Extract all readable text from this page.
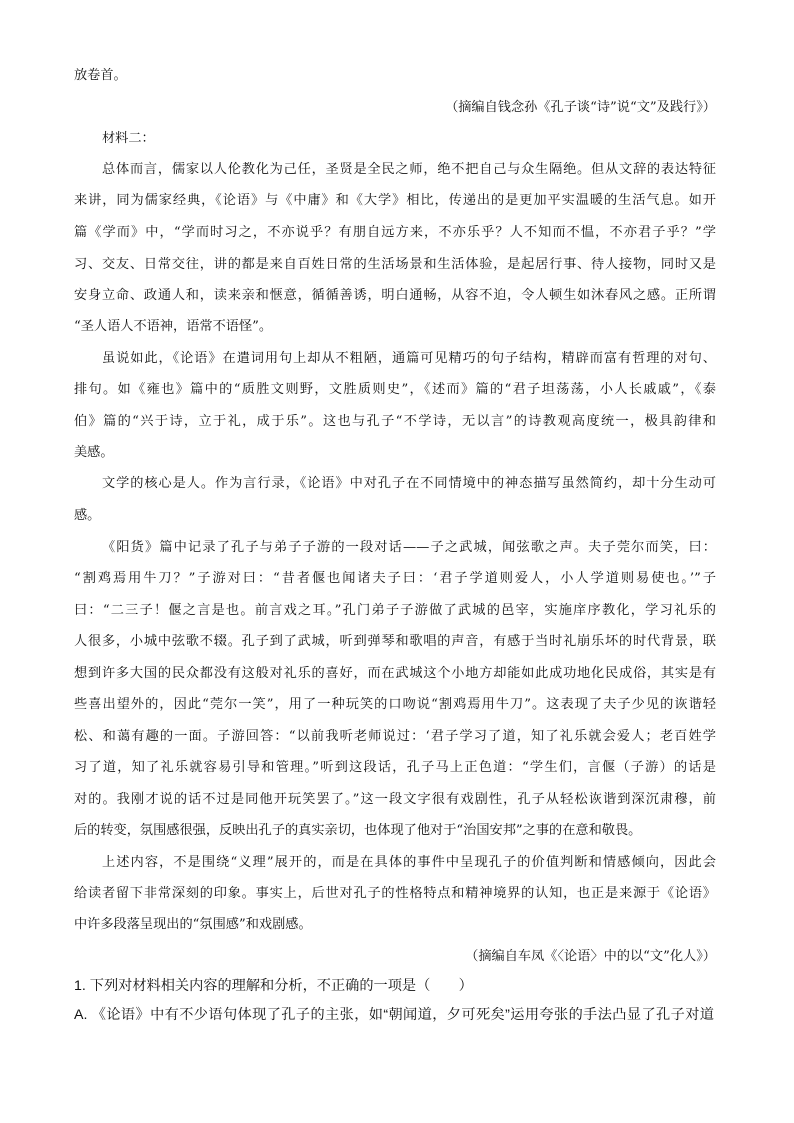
放卷首。
（摘编自钱念孙《孔子谈“诗”说“文”及践行》）
材料二：
总体而言，儒家以人伦教化为己任，圣贤是全民之师，绝不把自己与众生隔绝。但从文辞的表达特征
来讲，同为儒家经典，《论语》与《中庸》和《大学》相比，传递出的是更加平实温暖的生活气息。如开
篇《学而》中，“学而时习之，不亦说乎？有朋自远方来，不亦乐乎？人不知而不愠，不亦君子乎？”学
习、交友、日常交往，讲的都是来自百姓日常的生活场景和生活体验，是起居行事、待人接物，同时又是
安身立命、政通人和，读来亲和惬意，循循善诱，明白通畅，从容不迫，令人顿生如沐春风之感。正所谓
“圣人语人不语神，语常不语怪”。
虽说如此，《论语》在遣词用句上却从不粗陋，通篇可见精巧的句子结构，精辟而富有哲理的对句、
排句。如《雍也》篇中的“质胜文则野，文胜质则史”，《述而》篇的“君子坦荡荡，小人长戚戚”，《泰
伯》篇的“兴于诗，立于礼，成于乐”。这也与孔子“不学诗，无以言”的诗教观高度统一，极具韵律和
美感。
文学的核心是人。作为言行录，《论语》中对孔子在不同情境中的神态描写虽然简约，却十分生动可
感。
《阳货》篇中记录了孔子与弟子子游的一段对话——子之武城，闻弦歌之声。夫子莞尔而笑，曰：
“割鸡焉用牛刀？”子游对曰：“昔者偃也闻诸夫子曰：‘君子学道则爱人，小人学道则易使也。’”子
曰：“二三子！偃之言是也。前言戏之耳。”孔门弟子子游做了武城的邑宰，实施庠序教化，学习礼乐的
人很多，小城中弦歌不辍。孔子到了武城，听到弹琴和歌唱的声音，有感于当时礼崩乐坏的时代背景，联
想到许多大国的民众都没有这般对礼乐的喜好，而在武城这个小地方却能如此成功地化民成俗，其实是有
些喜出望外的，因此“莞尔一笑”，用了一种玩笑的口吻说“割鸡焉用牛刀”。这表现了夫子少见的诙谐轻
松、和蔼有趣的一面。子游回答：“以前我听老师说过：‘君子学习了道，知了礼乐就会爱人；老百姓学
习了道，知了礼乐就容易引导和管理。”听到这段话，孔子马上正色道：“学生们，言偃（子游）的话是
对的。我刚才说的话不过是同他开玩笑罢了。”这一段文字很有戏剧性，孔子从轻松诙谐到深沉肃穆，前
后的转变，氛围感很强，反映出孔子的真实亲切，也体现了他对于“治国安邦”之事的在意和敬畏。
上述内容，不是围绕“义理”展开的，而是在具体的事件中呈现孔子的价值判断和情感倾向，因此会
给读者留下非常深刻的印象。事实上，后世对孔子的性格特点和精神境界的认知，也正是来源于《论语》
中许多段落呈现出的“氛围感”和戏剧感。
（摘编自车凤《〈论语〉中的以“文”化人》）
1. 下列对材料相关内容的理解和分析，不正确的一项是（　　）
A. 《论语》中有不少语句体现了孔子的主张，如“朝闻道，夕可死矣”运用夸张的手法凸显了孔子对道
